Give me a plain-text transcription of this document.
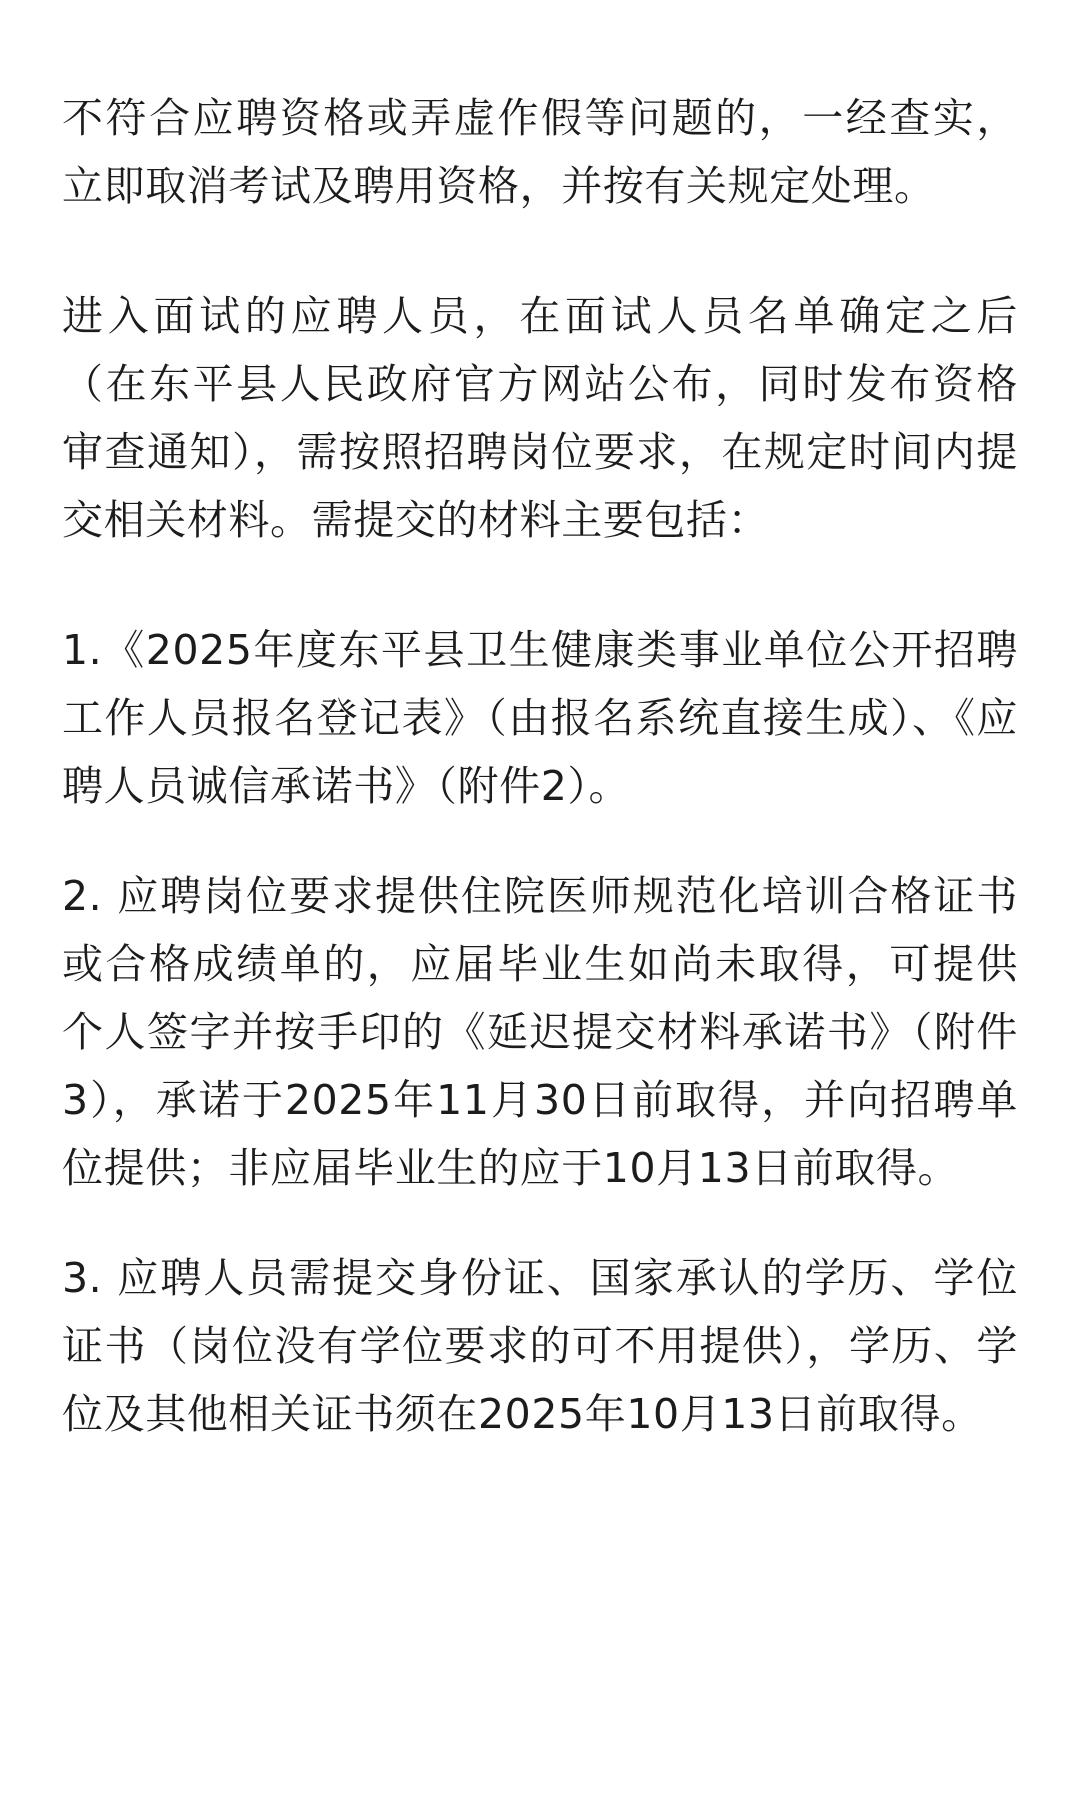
不符合应聘资格或弄虚作假等问题的，一经查实，立即取消考试及聘用资格，并按有关规定处理。

进入面试的应聘人员，在面试人员名单确定之后（在东平县人民政府官方网站公布，同时发布资格审查通知），需按照招聘岗位要求，在规定时间内提交相关材料。需提交的材料主要包括：

1.《2025年度东平县卫生健康类事业单位公开招聘工作人员报名登记表》（由报名系统直接生成）、《应聘人员诚信承诺书》（附件2）。

2. 应聘岗位要求提供住院医师规范化培训合格证书或合格成绩单的，应届毕业生如尚未取得，可提供个人签字并按手印的《延迟提交材料承诺书》（附件3），承诺于2025年11月30日前取得，并向招聘单位提供；非应届毕业生的应于10月13日前取得。

3. 应聘人员需提交身份证、国家承认的学历、学位证书（岗位没有学位要求的可不用提供），学历、学位及其他相关证书须在2025年10月13日前取得。
